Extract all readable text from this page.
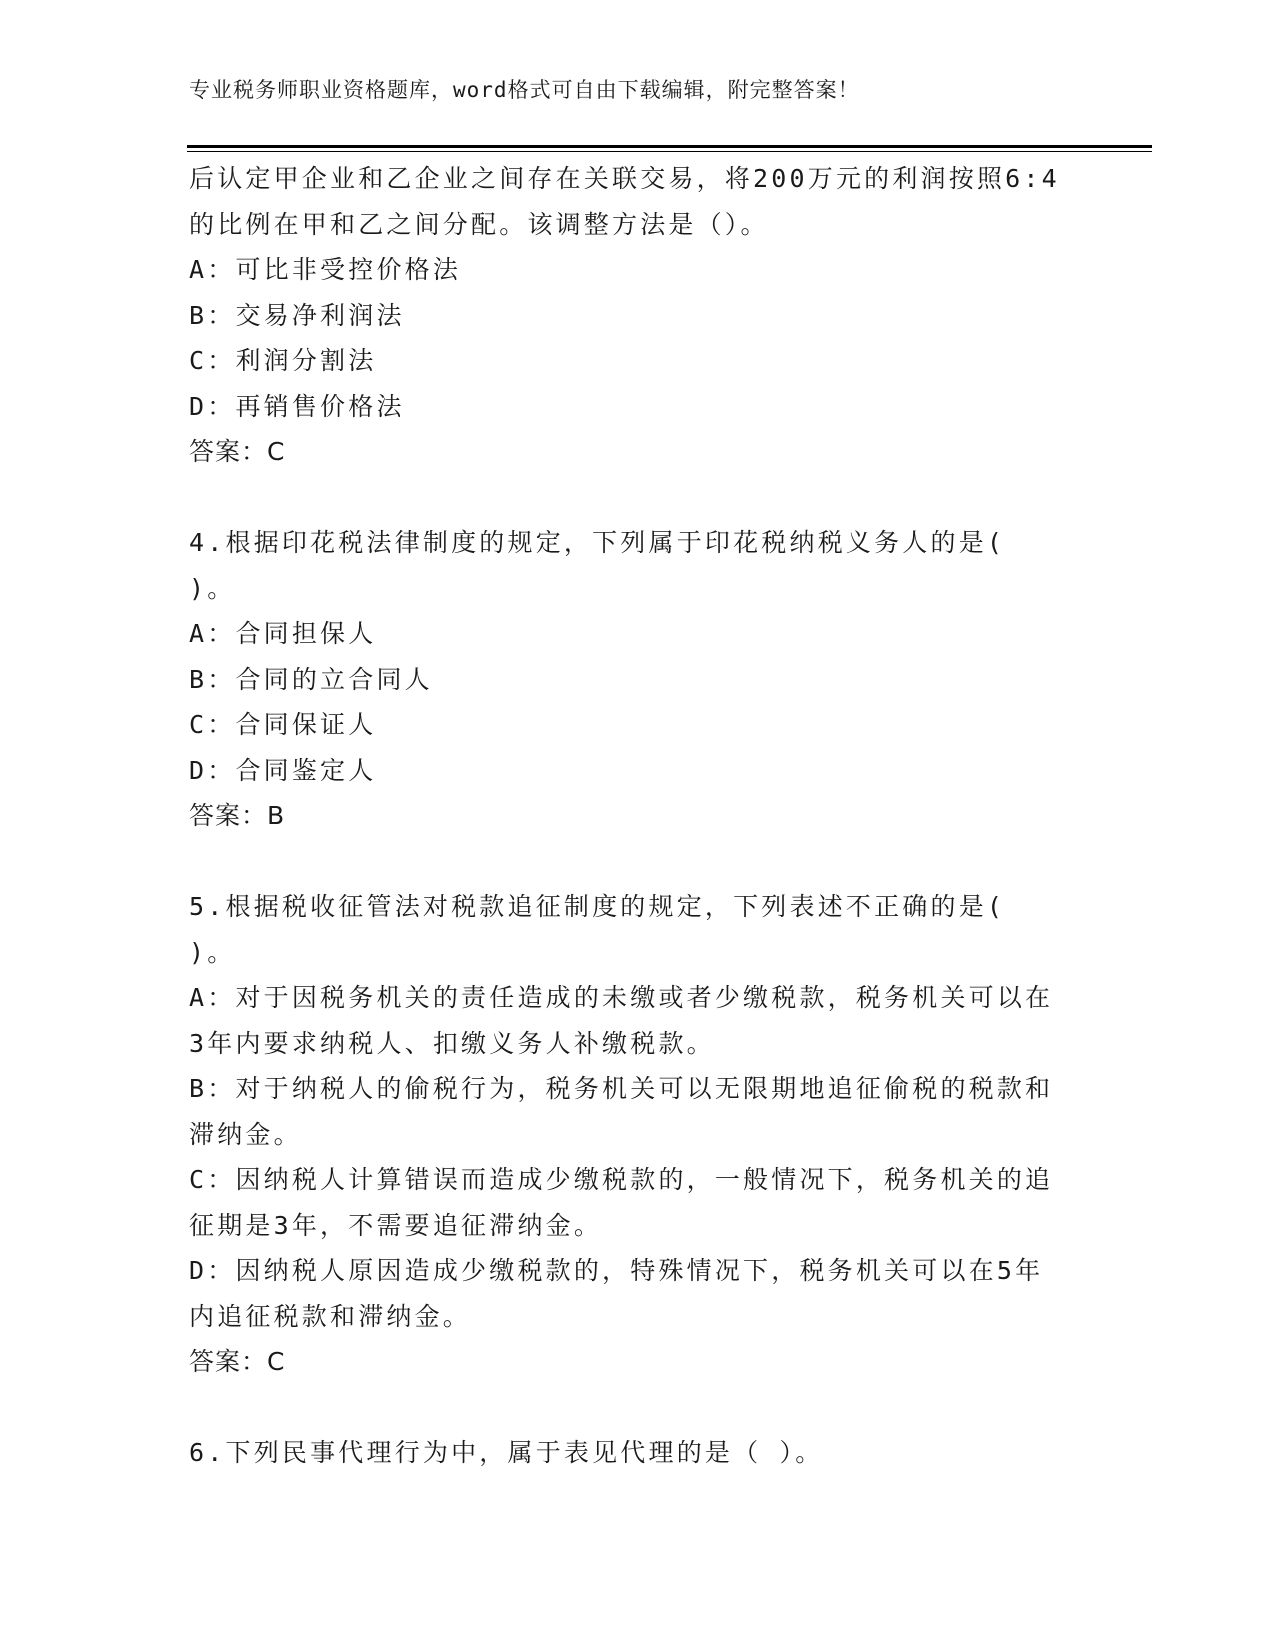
专业税务师职业资格题库，word格式可自由下载编辑，附完整答案！
后认定甲企业和乙企业之间存在关联交易，将200万元的利润按照6:4
的比例在甲和乙之间分配。该调整方法是（）。
A：可比非受控价格法
B：交易净利润法
C：利润分割法
D：再销售价格法
答案：C
4.根据印花税法律制度的规定，下列属于印花税纳税义务人的是(
)。
A：合同担保人
B：合同的立合同人
C：合同保证人
D：合同鉴定人
答案：B
5.根据税收征管法对税款追征制度的规定，下列表述不正确的是(
)。
A：对于因税务机关的责任造成的未缴或者少缴税款，税务机关可以在
3年内要求纳税人、扣缴义务人补缴税款。
B：对于纳税人的偷税行为，税务机关可以无限期地追征偷税的税款和
滞纳金。
C：因纳税人计算错误而造成少缴税款的，一般情况下，税务机关的追
征期是3年，不需要追征滞纳金。
D：因纳税人原因造成少缴税款的，特殊情况下，税务机关可以在5年
内追征税款和滞纳金。
答案：C
6.下列民事代理行为中，属于表见代理的是（ ）。
